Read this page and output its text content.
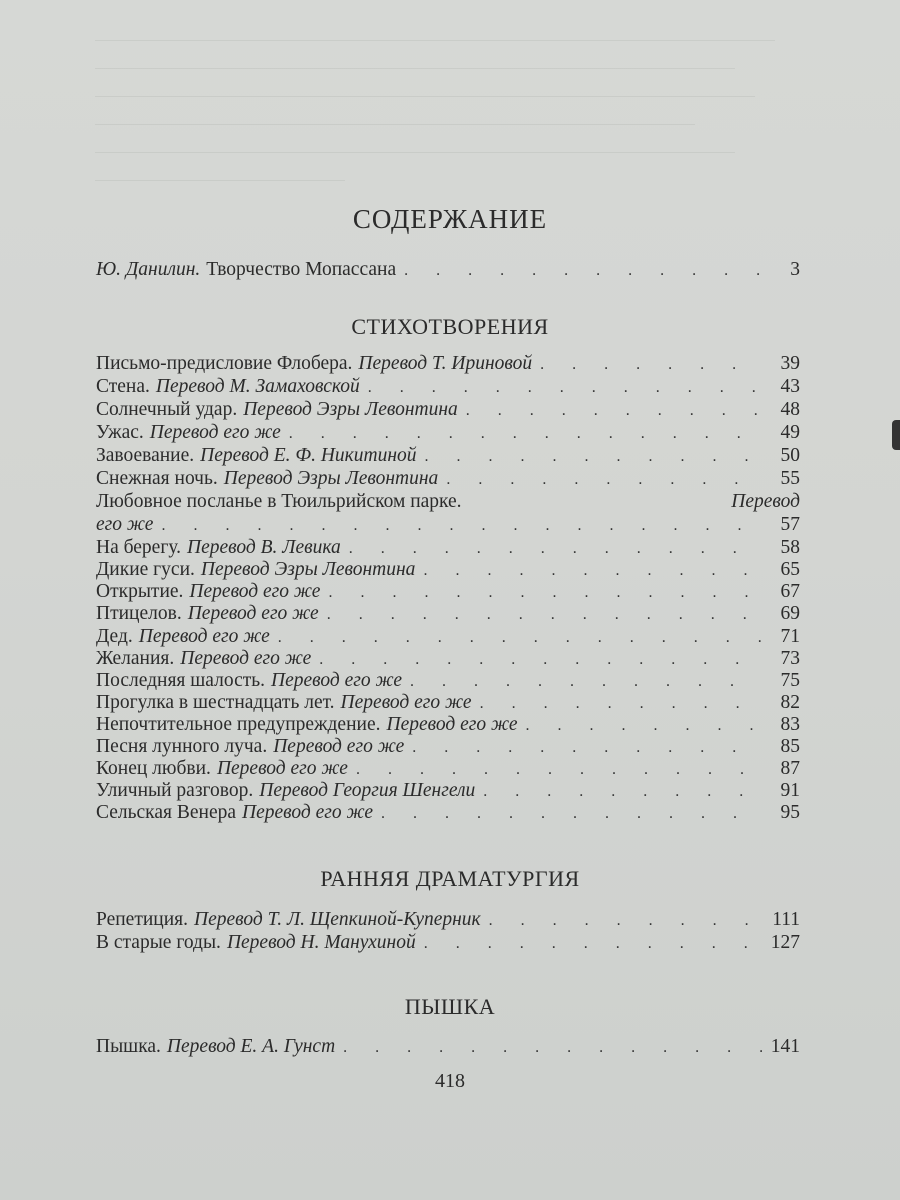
СОДЕРЖАНИЕ
Ю. Данилин. Творчество Мопассана . . .	3
СТИХОТВОРЕНИЯ
Письмо-предисловие Флобера. Перевод Т. Ириновой . . .	39
Стена. Перевод М. Замаховской . . .	43
Солнечный удар. Перевод Эзры Левонтина . . .	48
Ужас. Перевод его же . . .	49
Завоевание. Перевод Е. Ф. Никитиной . . .	50
Снежная ночь. Перевод Эзры Левонтина . . .	55
Любовное посланье в Тюильрийском парке.	Перевод
его же . . .	57
На берегу. Перевод В. Левика . . .	58
Дикие гуси. Перевод Эзры Левонтина . . .	65
Открытие. Перевод его же . . .	67
Птицелов. Перевод его же . . .	69
Дед. Перевод его же . . .	71
Желания. Перевод его же . . .	73
Последняя шалость. Перевод его же . . .	75
Прогулка в шестнадцать лет. Перевод его же . . .	82
Непочтительное предупреждение. Перевод его же . . .	83
Песня лунного луча. Перевод его же . . .	85
Конец любви. Перевод его же . . .	87
Уличный разговор. Перевод Георгия Шенгели . . .	91
Сельская Венера Перевод его же . . .	95
РАННЯЯ ДРАМАТУРГИЯ
Репетиция. Перевод Т. Л. Щепкиной-Куперник . . .	111
В старые годы. Перевод Н. Манухиной . . .	127
ПЫШКА
Пышка. Перевод Е. А. Гунст . . .	141
418
